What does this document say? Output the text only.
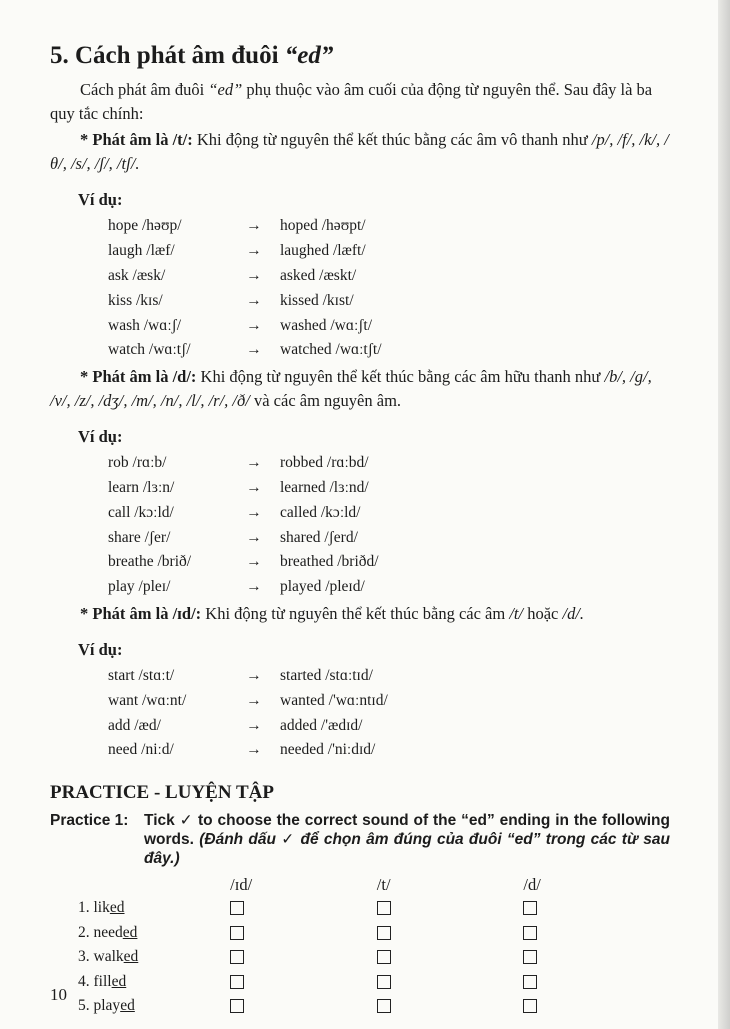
5. Cách phát âm đuôi “ed”

Cách phát âm đuôi “ed” phụ thuộc vào âm cuối của động từ nguyên thể. Sau đây là ba quy tắc chính:

* Phát âm là /t/: Khi động từ nguyên thể kết thúc bằng các âm vô thanh như /p/, /f/, /k/, /θ/, /s/, /ʃ/, /tʃ/.

Ví dụ:
hope /həʊp/	→	hoped /həʊpt/
laugh /læf/	→	laughed /læft/
ask /æsk/	→	asked /æskt/
kiss /kɪs/	→	kissed /kɪst/
wash /wɑːʃ/	→	washed /wɑːʃt/
watch /wɑːtʃ/	→	watched /wɑːtʃt/

* Phát âm là /d/: Khi động từ nguyên thể kết thúc bằng các âm hữu thanh như /b/, /g/, /v/, /z/, /dʒ/, /m/, /n/, /l/, /r/, /ð/ và các âm nguyên âm.

Ví dụ:
rob /rɑːb/	→	robbed /rɑːbd/
learn /lɜːn/	→	learned /lɜːnd/
call /kɔːld/	→	called /kɔːld/
share /ʃer/	→	shared /ʃerd/
breathe /brið/	→	breathed /briðd/
play /pleɪ/	→	played /pleɪd/

* Phát âm là /ɪd/: Khi động từ nguyên thể kết thúc bằng các âm /t/ hoặc /d/.

Ví dụ:
start /stɑːt/	→	started /stɑːtɪd/
want /wɑːnt/	→	wanted /'wɑːntɪd/
add /æd/	→	added /'ædɪd/
need /niːd/	→	needed /'niːdɪd/
PRACTICE - LUYỆN TẬP
Practice 1:	Tick ✓ to choose the correct sound of the “ed” ending in the following words. (Đánh dấu ✓ để chọn âm đúng của đuôi “ed” trong các từ sau đây.)
/ɪd/	/t/	/d/
1. liked
2. needed
3. walked
4. filled
5. played
10
